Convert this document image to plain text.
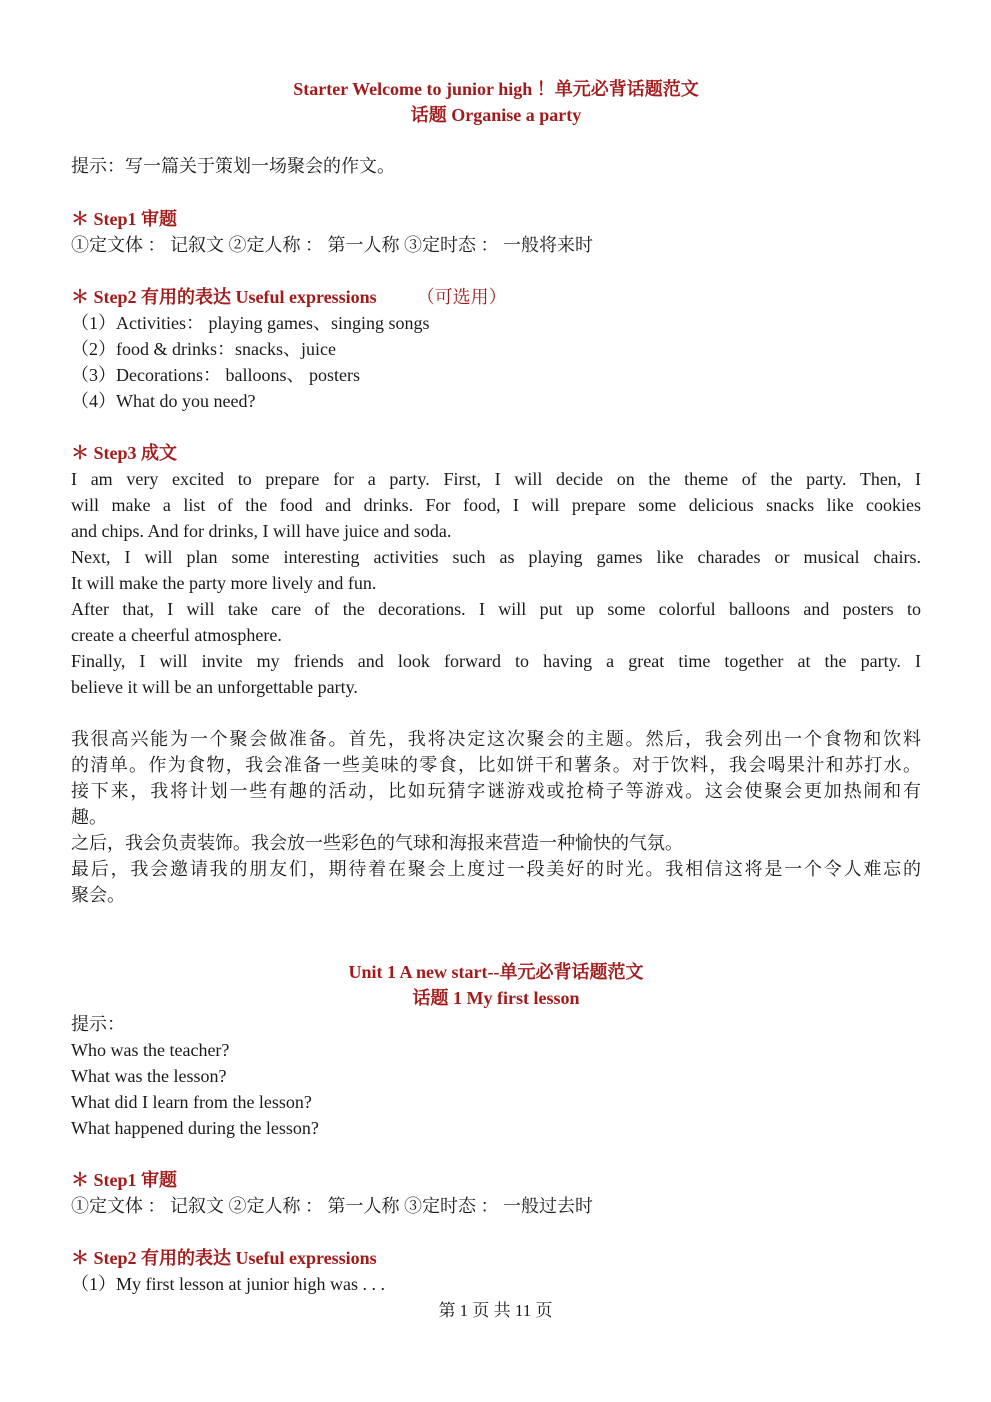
Starter Welcome to junior high ！单元必背话题范文
话题 Organise a party
提示：写一篇关于策划一场聚会的作文。
＊ Step1 审题
①定文体 ： 记叙文 ②定人称 ： 第一人称 ③定时态 ： 一般将来时
＊ Step2 有用的表达 Useful expressions （可选用）
（1）Activities： playing games、singing songs
（2）food & drinks：snacks、juice
（3）Decorations： balloons、 posters
（4）What do you need?
＊ Step3 成文
I am very excited to prepare for a party. First, I will decide on the theme of the party. Then, I
will make a list of the food and drinks. For food, I will prepare some delicious snacks like cookies
and chips. And for drinks, I will have juice and soda.
Next, I will plan some interesting activities such as playing games like charades or musical chairs.
It will make the party more lively and fun.
After that, I will take care of the decorations. I will put up some colorful balloons and posters to
create a cheerful atmosphere.
Finally, I will invite my friends and look forward to having a great time together at the party. I
believe it will be an unforgettable party.
我很高兴能为一个聚会做准备。首先，我将决定这次聚会的主题。然后，我会列出一个食物和饮料
的清单。作为食物，我会准备一些美味的零食，比如饼干和薯条。对于饮料，我会喝果汁和苏打水。
接下来，我将计划一些有趣的活动，比如玩猜字谜游戏或抢椅子等游戏。这会使聚会更加热闹和有
趣。
之后，我会负责装饰。我会放一些彩色的气球和海报来营造一种愉快的气氛。
最后，我会邀请我的朋友们，期待着在聚会上度过一段美好的时光。我相信这将是一个令人难忘的
聚会。
Unit 1 A new start--单元必背话题范文
话题 1 My first lesson
提示：
Who was the teacher?
What was the lesson?
What did I learn from the lesson?
What happened during the lesson?
＊ Step1 审题
①定文体 ： 记叙文 ②定人称 ： 第一人称 ③定时态 ： 一般过去时
＊ Step2 有用的表达 Useful expressions
（1）My first lesson at junior high was . . .
第 1 页 共 11 页
